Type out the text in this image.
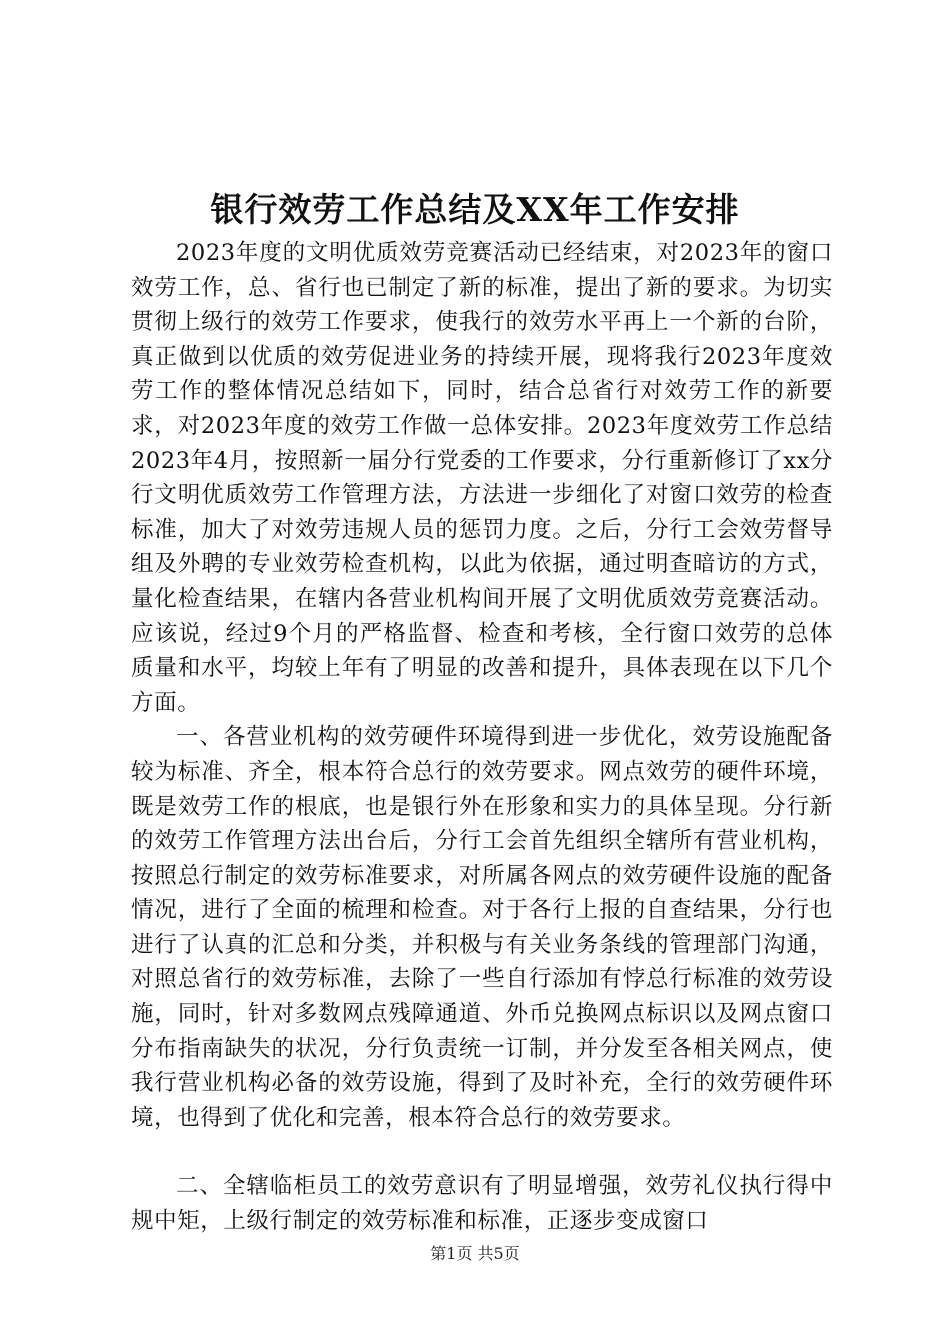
银行效劳工作总结及XX年工作安排

2023年度的文明优质效劳竞赛活动已经结束，对2023年的窗口效劳工作，总、省行也已制定了新的标准，提出了新的要求。为切实贯彻上级行的效劳工作要求，使我行的效劳水平再上一个新的台阶，真正做到以优质的效劳促进业务的持续开展，现将我行2023年度效劳工作的整体情况总结如下，同时，结合总省行对效劳工作的新要求，对2023年度的效劳工作做一总体安排。2023年度效劳工作总结2023年4月，按照新一届分行党委的工作要求，分行重新修订了xx分行文明优质效劳工作管理方法，方法进一步细化了对窗口效劳的检查标准，加大了对效劳违规人员的惩罚力度。之后，分行工会效劳督导组及外聘的专业效劳检查机构，以此为依据，通过明查暗访的方式，量化检查结果，在辖内各营业机构间开展了文明优质效劳竞赛活动。应该说，经过9个月的严格监督、检查和考核，全行窗口效劳的总体质量和水平，均较上年有了明显的改善和提升，具体表现在以下几个方面。

一、各营业机构的效劳硬件环境得到进一步优化，效劳设施配备较为标准、齐全，根本符合总行的效劳要求。网点效劳的硬件环境，既是效劳工作的根底，也是银行外在形象和实力的具体呈现。分行新的效劳工作管理方法出台后，分行工会首先组织全辖所有营业机构，按照总行制定的效劳标准要求，对所属各网点的效劳硬件设施的配备情况，进行了全面的梳理和检查。对于各行上报的自查结果，分行也进行了认真的汇总和分类，并积极与有关业务条线的管理部门沟通，对照总省行的效劳标准，去除了一些自行添加有悖总行标准的效劳设施，同时，针对多数网点残障通道、外币兑换网点标识以及网点窗口分布指南缺失的状况，分行负责统一订制，并分发至各相关网点，使我行营业机构必备的效劳设施，得到了及时补充，全行的效劳硬件环境，也得到了优化和完善，根本符合总行的效劳要求。

二、全辖临柜员工的效劳意识有了明显增强，效劳礼仪执行得中规中矩，上级行制定的效劳标准和标准，正逐步变成窗口

第1页 共5页
